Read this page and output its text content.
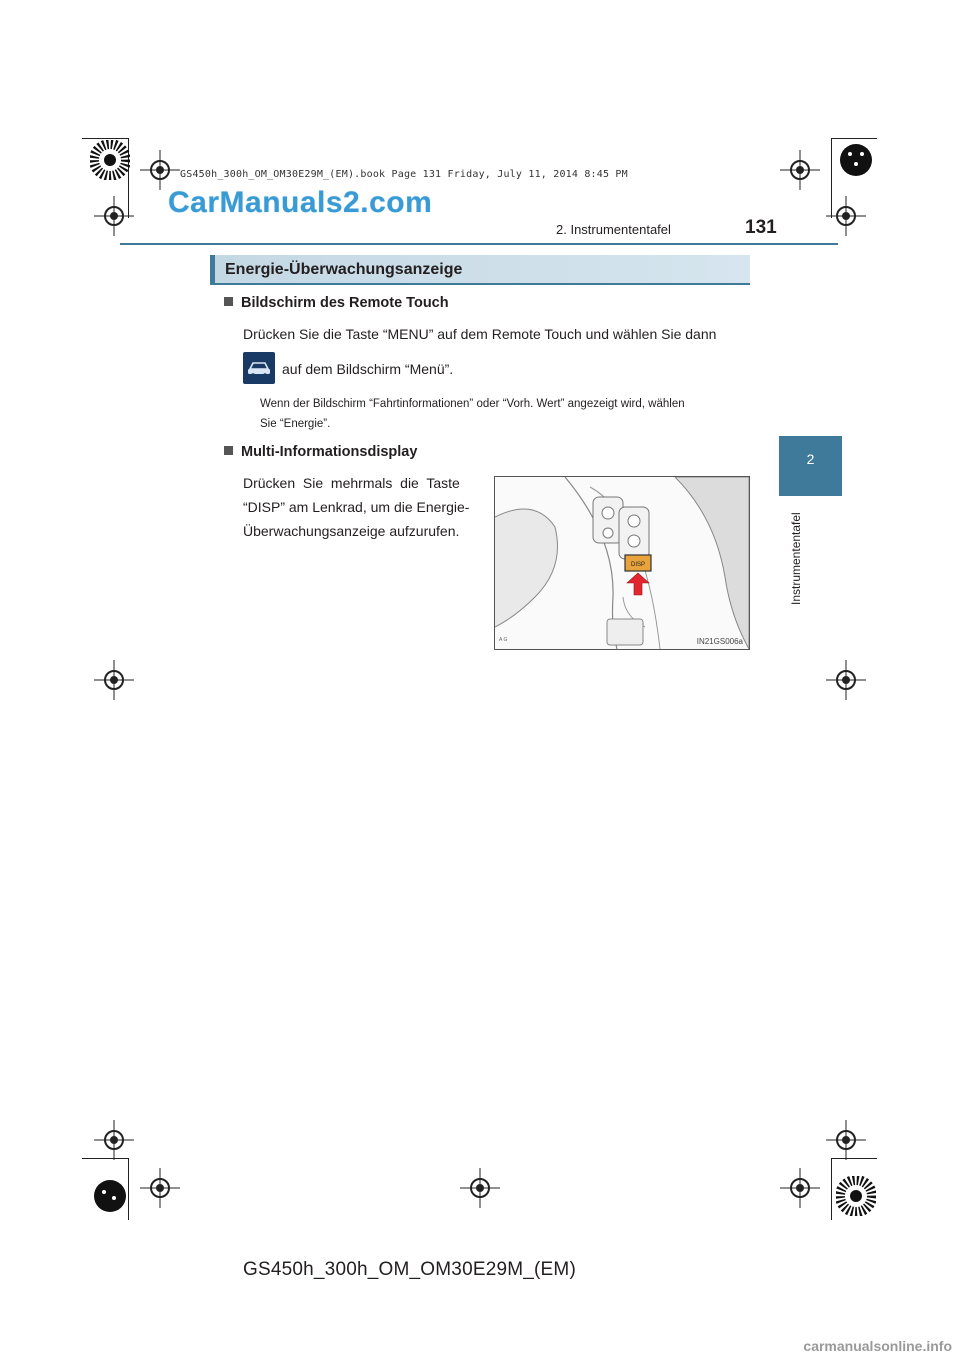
GS450h_300h_OM_OM30E29M_(EM).book Page 131 Friday, July 11, 2014 8:45 PM
CarManuals2.com
carmanualsonline.info
2. Instrumententafel	131
2
Instrumententafel
Energie-Überwachungsanzeige
Bildschirm des Remote Touch
Drücken Sie die Taste “MENU” auf dem Remote Touch und wählen Sie dann
auf dem Bildschirm “Menü”.
Wenn der Bildschirm “Fahrtinformationen” oder “Vorh. Wert” angezeigt wird, wählen
Sie “Energie”.
Multi-Informationsdisplay
Drücken  Sie  mehrmals  die  Taste
“DISP” am Lenkrad, um die Energie-
Überwachungsanzeige aufzurufen.
DISP
A G	IN21GS006a
GS450h_300h_OM_OM30E29M_(EM)
